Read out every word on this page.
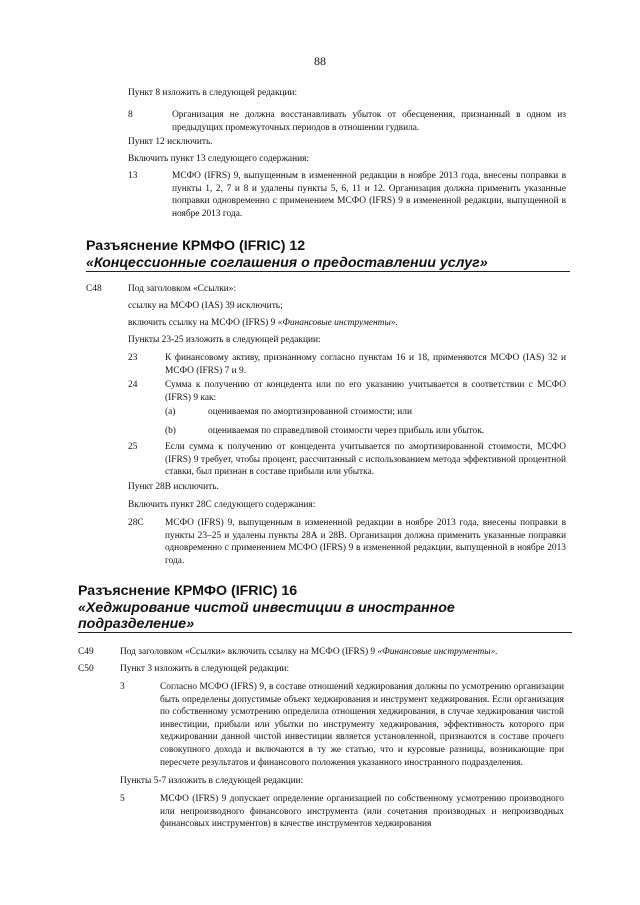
88
Пункт 8 изложить в следующей редакции:
8	Организация не должна восстанавливать убыток от обесценения, признанный в одном из предыдущих промежуточных периодов в отношении гудвила.
Пункт 12 исключить.
Включить пункт 13 следующего содержания:
13	МСФО (IFRS) 9, выпущенным в измененной редакции в ноябре 2013 года, внесены поправки в пункты 1, 2, 7 и 8 и удалены пункты 5, 6, 11 и 12. Организация должна применить указанные поправки одновременно с применением МСФО (IFRS) 9 в измененной редакции, выпущенной в ноябре 2013 года.
Разъяснение КРМФО (IFRIC) 12
«Концессионные соглашения о предоставлении услуг»
С48	Под заголовком «Ссылки»:
ссылку на МСФО (IAS) 39 исключить;
включить ссылку на МСФО (IFRS) 9 «Финансовые инструменты».
Пункты 23-25 изложить в следующей редакции:
23	К финансовому активу, признанному согласно пунктам 16 и 18, применяются МСФО (IAS) 32 и МСФО (IFRS) 7 и 9.
24	Сумма к получению от концедента или по его указанию учитывается в соответствии с МСФО (IFRS) 9 как:
(a)	оцениваемая по амортизированной стоимости; или
(b)	оцениваемая по справедливой стоимости через прибыль или убыток.
25	Если сумма к получению от концедента учитывается по амортизированной стоимости, МСФО (IFRS) 9 требует, чтобы процент, рассчитанный с использованием метода эффективной процентной ставки, был признан в составе прибыли или убытка.
Пункт 28В исключить.
Включить пункт 28С следующего содержания:
28С МСФО (IFRS) 9, выпущенным в измененной редакции в ноябре 2013 года, внесены поправки в пункты 23–25 и удалены пункты 28А и 28В. Организация должна применить указанные поправки одновременно с применением МСФО (IFRS) 9 в измененной редакции, выпущенной в ноябре 2013 года.
Разъяснение КРМФО (IFRIC) 16
«Хеджирование чистой инвестиции в иностранное
подразделение»
С49	Под заголовком «Ссылки» включить ссылку на МСФО (IFRS) 9 «Финансовые инструменты».
С50	Пункт 3 изложить в следующей редакции:
3	Согласно МСФО (IFRS) 9, в составе отношений хеджирования должны по усмотрению организации быть определены допустимые объект хеджирования и инструмент хеджирования. Если организация по собственному усмотрению определила отношения хеджирования, в случае хеджирования чистой инвестиции, прибыли или убытки по инструменту хеджирования, эффективность которого при хеджировании данной чистой инвестиции является установленной, признаются в составе прочего совокупного дохода и включаются в ту же статью, что и курсовые разницы, возникающие при пересчете результатов и финансового положения указанного иностранного подразделения.
Пункты 5-7 изложить в следующей редакции:
5	МСФО (IFRS) 9 допускает определение организацией по собственному усмотрению производного или непроизводного финансового инструмента (или сочетания производных и непроизводных финансовых инструментов) в качестве инструментов хеджирования
